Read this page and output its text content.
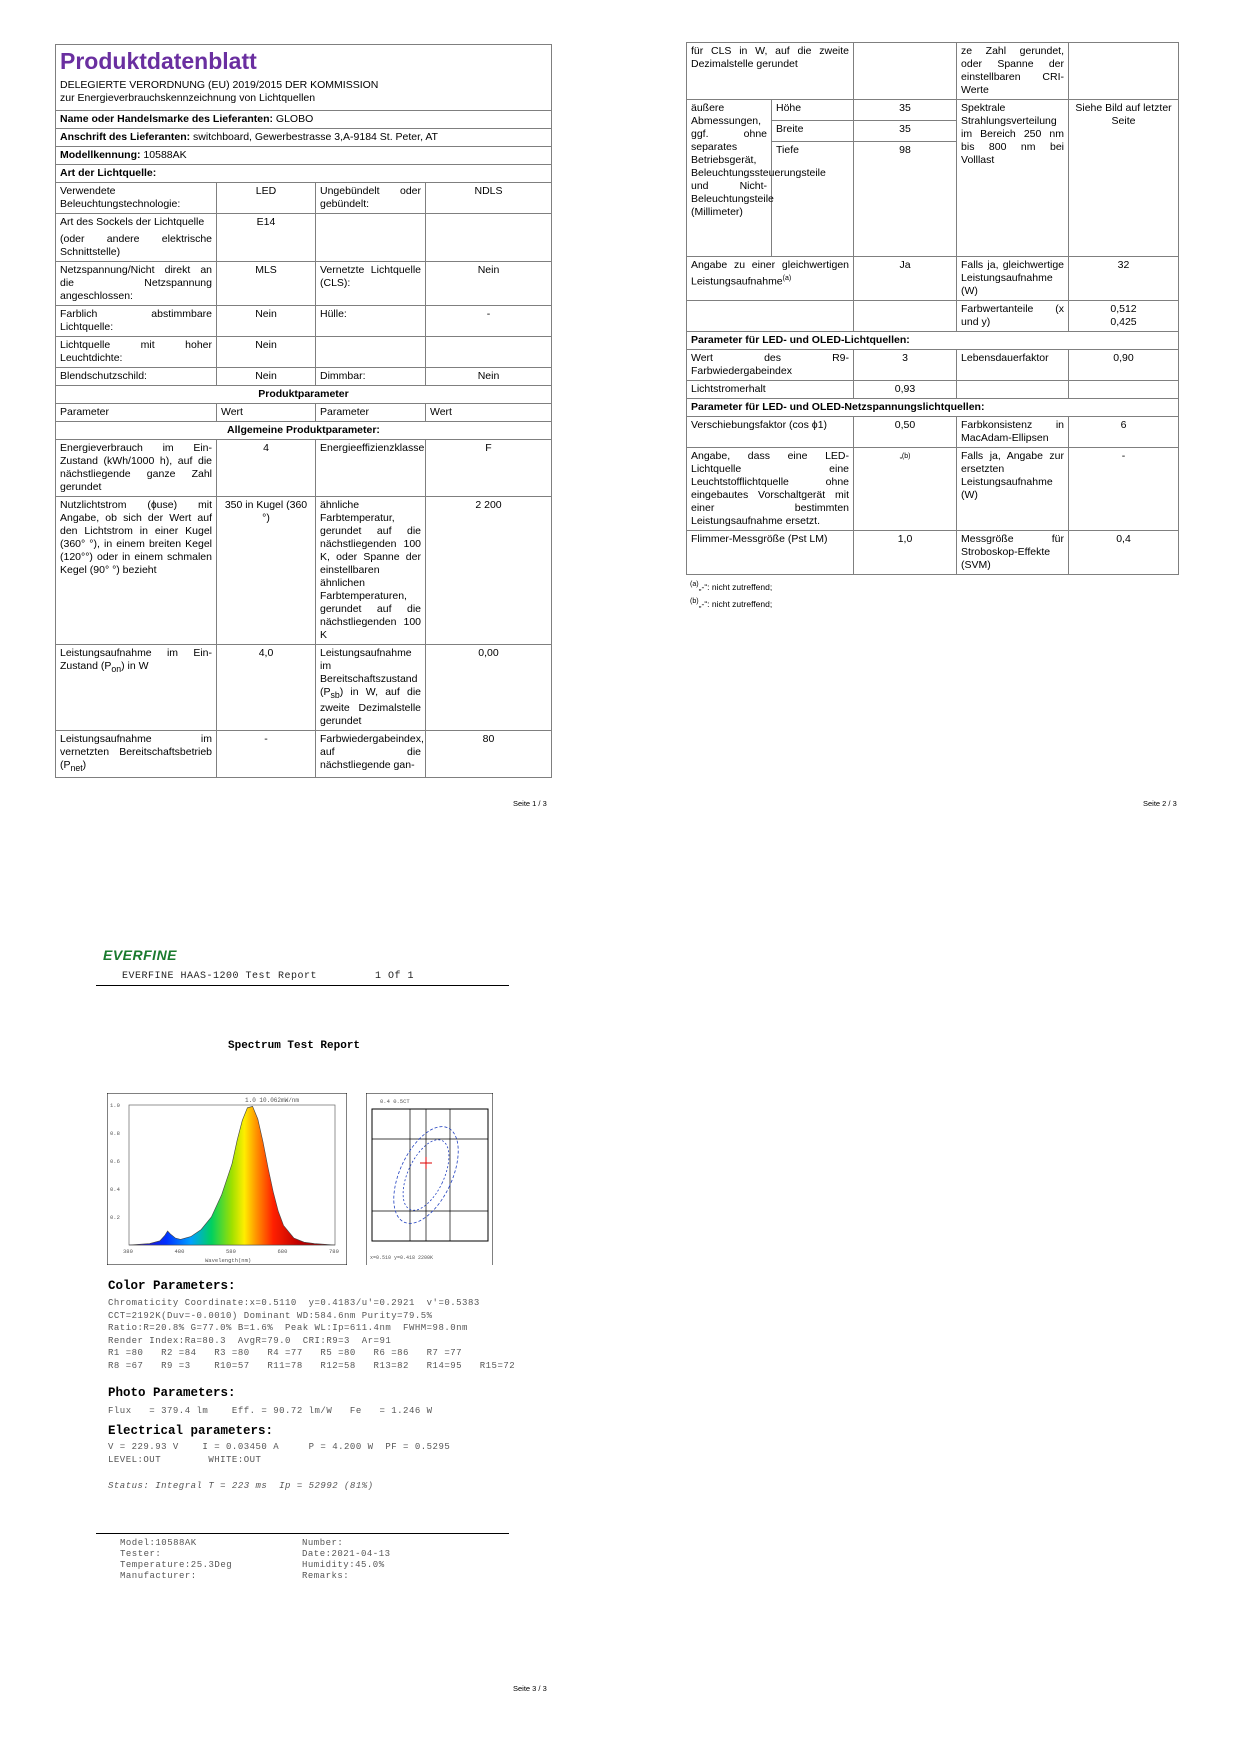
Produktdatenblatt
DELEGIERTE VERORDNUNG (EU) 2019/2015 DER KOMMISSION zur Energieverbrauchskennzeichnung von Lichtquellen			

Name oder Handelsmarke des Lieferanten: GLOBO			
Anschrift des Lieferanten: switchboard, Gewerbestrasse 3,A-9184 St. Peter, AT			
Modellkennung: 10588AK			
Art der Lichtquelle:			
Verwendete Beleuchtungstechnologie:	LED	Ungebündelt oder gebündelt:	NDLS

Art des Sockels der Lichtquelle
(oder andere elektrische Schnittstelle)	E14		
Netzspannung/Nicht direkt an die Netzspannung angeschlossen:	MLS	Vernetzte Lichtquelle (CLS):	Nein
Farblich abstimmbare Lichtquelle:	Nein	Hülle:	-
Lichtquelle mit hoher Leuchtdichte:	Nein		
Blendschutzschild:	Nein	Dimmbar:	Nein
Produktparameter			
Parameter	Wert	Parameter	Wert
Allgemeine Produktparameter:			
Energieverbrauch im Ein-Zustand (kWh/1000 h), auf die nächstliegende ganze Zahl gerundet	4	Energieeffizienzklasse	F
Nutzlichtstrom (ɸuse) mit Angabe, ob sich der Wert auf den Lichtstrom in einer Kugel (360° °), in einem breiten Kegel (120°°) oder in einem schmalen Kegel (90° °) bezieht	350 in Kugel (360 °)	ähnliche Farbtemperatur, gerundet auf die nächstliegenden 100 K, oder Spanne der einstellbaren ähnlichen Farbtemperaturen, gerundet auf die nächstliegenden 100 K	2 200
Leistungsaufnahme im Ein-Zustand $(P_{on})$ in W	4,0	Leistungsaufnahme im Bereitschaftszustand $(P_{sb})$ in W, auf die zweite Dezimalstelle gerundet	0,00
Leistungsaufnahme im vernetzten Bereitschaftsbetrieb $(P_{net})$	-	Farbwiedergabeindex, auf die nächstliegende gan-	80
Seite 1 / 3
für CLS in W, auf die zweite Dezimalstelle gerundet			ze Zahl gerundet, oder Spanne der einstellbaren CRI-Werte	
äußere Abmessungen, ggf. ohne separates Betriebsgerät, Beleuchtungssteuerungsteile und Nicht-Beleuchtungsteile (Millimeter)	Höhe	35	Spektrale Strahlungsverteilung im Bereich 250 nm bis 800 nm bei Volllast	Siehe Bild auf letzter Seite
	Breite	35		
	Tiefe	98		
Angabe zu einer gleichwertigen Leistungsaufnahme$^{(a)}$		Ja	Falls ja, gleichwertige Leistungsaufnahme (W)	32
			Farbwertanteile (x und y)	0,512
0,425

Parameter für LED- und OLED-Lichtquellen:				
Wert des R9-Farbwiedergabeindex		3	Lebensdauerfaktor	0,90
Lichtstromerhalt		0,93		
Parameter für LED- und OLED-Netzspannungslichtquellen:				
Verschiebungsfaktor (cos ϕ1)		0,50	Farbkonsistenz in MacAdam-Ellipsen	6
Angabe, dass eine LED-Lichtquelle eine Leuchtstofflichtquelle ohne eingebautes Vorschaltgerät mit einer bestimmten Leistungsaufnahme ersetzt.		„(b)	Falls ja, Angabe zur ersetzten Leistungsaufnahme (W)	-
Flimmer-Messgröße (Pst LM)		1,0	Messgröße für Stroboskop-Effekte (SVM)	0,4
$^{(a)}$„-“: nicht zutreffend;
$^{(b)}$„-“: nicht zutreffend;
Seite 2 / 3
EVERFINE
EVERFINE HAAS-1200 Test Report	1 Of 1
Spectrum Test Report
1.0
0.8
0.6
0.4
0.2
380	480	580	680	780
1.0 10.062mW/nm
Wavelength(nm)
0.4 0.5CT
x=0.510 y=0.418 2200K
Color Parameters:
Chromaticity Coordinate:x=0.5110  y=0.4183/u'=0.2921  v'=0.5383
CCT=2192K(Duv=-0.0010) Dominant WD:584.6nm Purity=79.5%
Ratio:R=20.8% G=77.0% B=1.6%  Peak WL:Ip=611.4nm  FWHM=98.0nm
Render Index:Ra=80.3  AvgR=79.0  CRI:R9=3  Ar=91
R1 =80   R2 =84   R3 =80   R4 =77   R5 =80   R6 =86   R7 =77
R8 =67   R9 =3    R10=57   R11=78   R12=58   R13=82   R14=95   R15=72
Photo Parameters:
Flux   = 379.4 lm    Eff. = 90.72 lm/W   Fe   = 1.246 W
Electrical parameters:
V = 229.93 V    I = 0.03450 A     P = 4.200 W  PF = 0.5295
LEVEL:OUT        WHITE:OUT
Status: Integral T = 223 ms  Ip = 52992 (81%)
Model:10588AK
Tester:
Temperature:25.3Deg
Manufacturer:
Number:
Date:2021-04-13
Humidity:45.0%
Remarks:
Seite 3 / 3
